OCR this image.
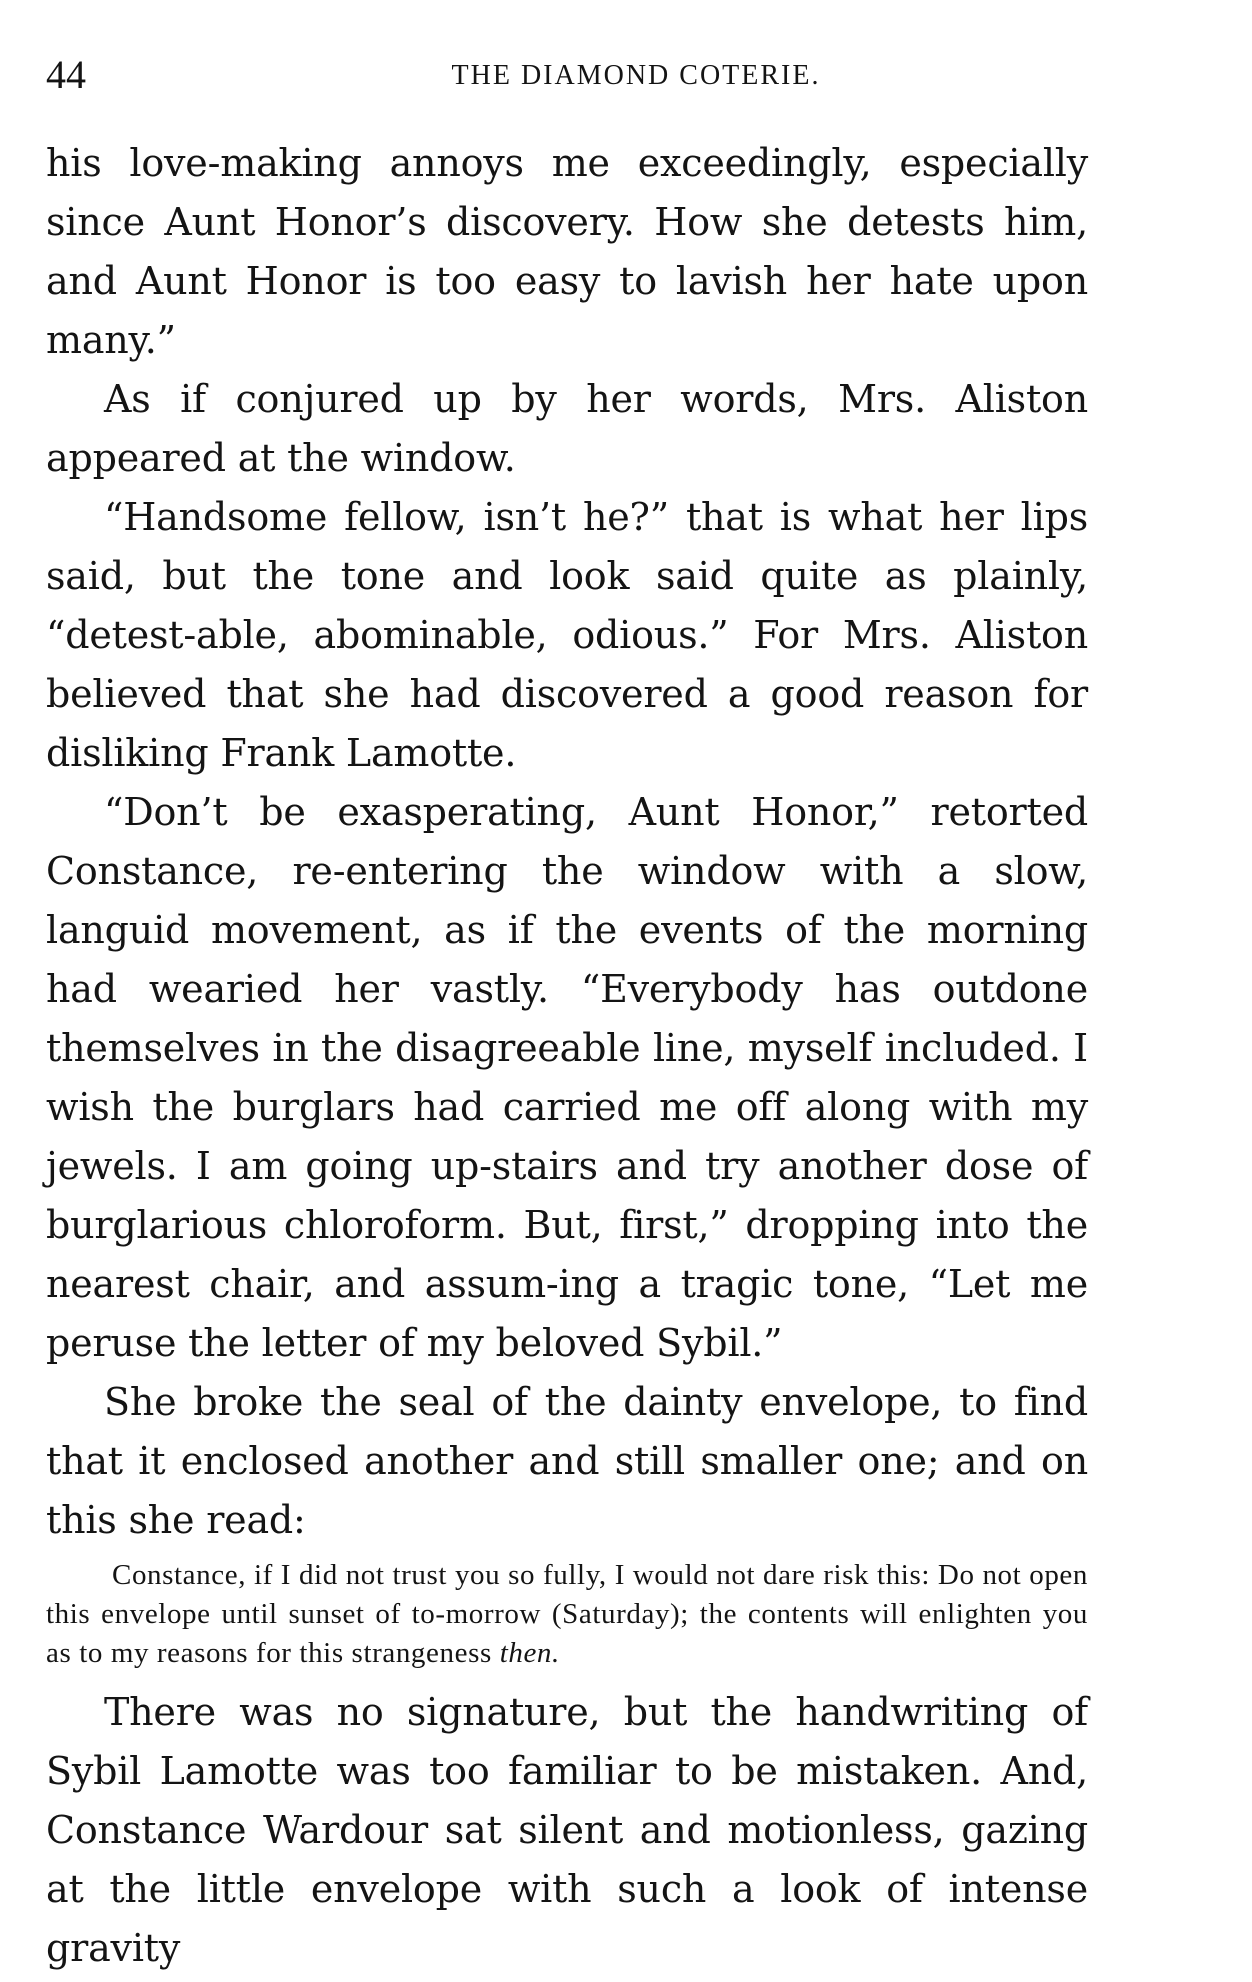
44	THE DIAMOND COTERIE.

his love-making annoys me exceedingly, especially since Aunt Honor’s discovery. How she detests him, and Aunt Honor is too easy to lavish her hate upon many.”

As if conjured up by her words, Mrs. Aliston appeared at the window.

“Handsome fellow, isn’t he?” that is what her lips said, but the tone and look said quite as plainly, “detest-able, abominable, odious.” For Mrs. Aliston believed that she had discovered a good reason for disliking Frank Lamotte.

“Don’t be exasperating, Aunt Honor,” retorted Constance, re-entering the window with a slow, languid movement, as if the events of the morning had wearied her vastly. “Everybody has outdone themselves in the disagreeable line, myself included. I wish the burglars had carried me off along with my jewels. I am going up-stairs and try another dose of burglarious chloroform. But, first,” dropping into the nearest chair, and assum-ing a tragic tone, “Let me peruse the letter of my beloved Sybil.”

She broke the seal of the dainty envelope, to find that it enclosed another and still smaller one; and on this she read:

Constance, if I did not trust you so fully, I would not dare risk this: Do not open this envelope until sunset of to-morrow (Saturday); the contents will enlighten you as to my reasons for this strangeness then.

There was no signature, but the handwriting of Sybil Lamotte was too familiar to be mistaken. And, Constance Wardour sat silent and motionless, gazing at the little envelope with such a look of intense gravity
